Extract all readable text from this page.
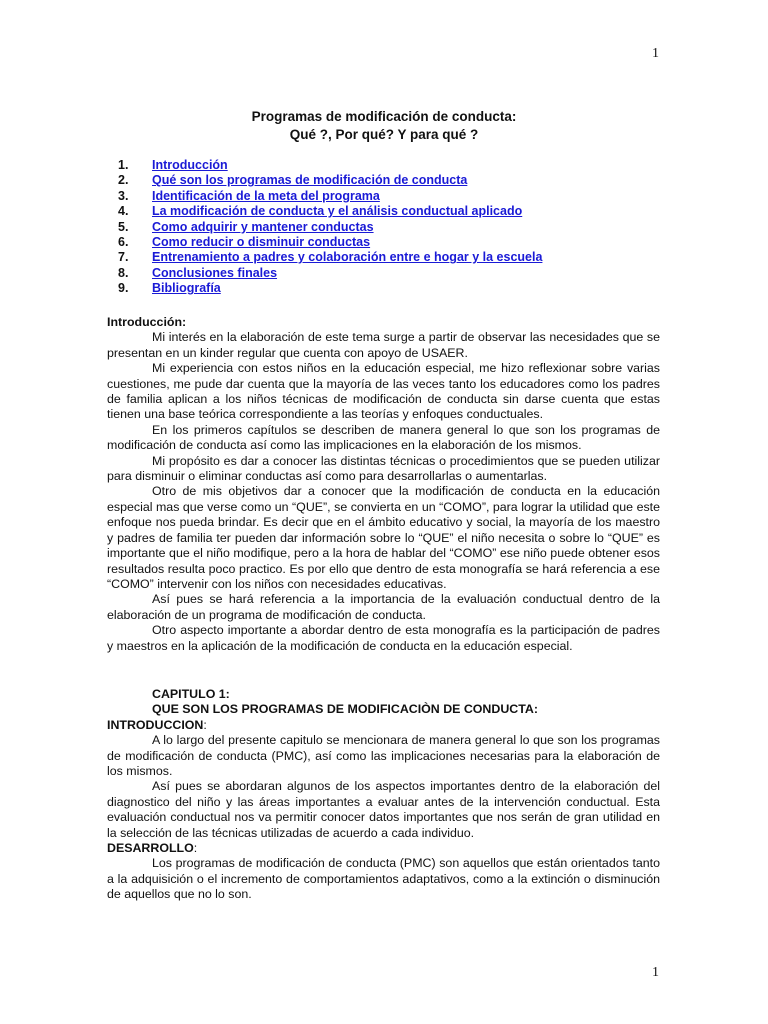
1
Programas de modificación de conducta:
Qué ?, Por qué? Y para qué ?
1. Introducción
2. Qué son los programas de modificación de conducta
3. Identificación de la meta del programa
4. La modificación de conducta y el análisis conductual aplicado
5. Como adquirir y mantener conductas
6. Como reducir o disminuir conductas
7. Entrenamiento a padres y colaboración entre e hogar y la escuela
8. Conclusiones finales
9. Bibliografía

Introducción:

Mi interés en la elaboración de este tema surge a partir de observar las necesidades que se presentan en un kinder regular que cuenta con apoyo de USAER.

Mi experiencia con estos niños en la educación especial, me hizo reflexionar sobre varias cuestiones, me pude dar cuenta que la mayoría de las veces tanto los educadores como los padres de familia aplican a los niños técnicas de modificación de conducta sin darse cuenta que estas tienen una base teórica correspondiente a las teorías y enfoques conductuales.

En los primeros capítulos se describen de manera general lo que son los programas de modificación de conducta así como las implicaciones en la elaboración de los mismos.

Mi propósito es dar a conocer las distintas técnicas o procedimientos que se pueden utilizar para disminuir o eliminar conductas así como para desarrollarlas o aumentarlas.

Otro de mis objetivos dar a conocer que la modificación de conducta en la educación especial mas que verse como un “QUE”, se convierta en un “COMO”, para lograr la utilidad que este enfoque nos pueda brindar. Es decir que en el ámbito educativo y social, la mayoría de los maestro y padres de familia ter pueden dar información sobre lo “QUE” el niño necesita o sobre lo “QUE” es importante que el niño modifique, pero a la hora de hablar del “COMO” ese niño puede obtener esos resultados resulta poco practico. Es por ello que dentro de esta monografía se hará referencia a ese “COMO” intervenir con los niños con necesidades educativas.

Así pues se hará referencia a la importancia de la evaluación conductual dentro de la elaboración de un programa de modificación de conducta.

Otro aspecto importante a abordar dentro de esta monografía es la participación de padres y maestros en la aplicación de la modificación de conducta en la educación especial.

CAPITULO 1:

QUE SON LOS PROGRAMAS DE MODIFICACIÒN DE CONDUCTA:

INTRODUCCION:

A lo largo del presente capitulo se mencionara de manera general lo que son los programas de modificación de conducta (PMC), así como las implicaciones necesarias para la elaboración de los mismos.

Así pues se abordaran algunos de los aspectos importantes dentro de la elaboración del diagnostico del niño y las áreas importantes a evaluar antes de la intervención conductual. Esta evaluación conductual nos va permitir conocer datos importantes que nos serán de gran utilidad en la selección de las técnicas utilizadas de acuerdo a cada individuo.

DESARROLLO:

Los programas de modificación de conducta (PMC) son aquellos que están orientados tanto a la adquisición o el incremento de comportamientos adaptativos, como a la extinción o disminución de aquellos que no lo son.

1
